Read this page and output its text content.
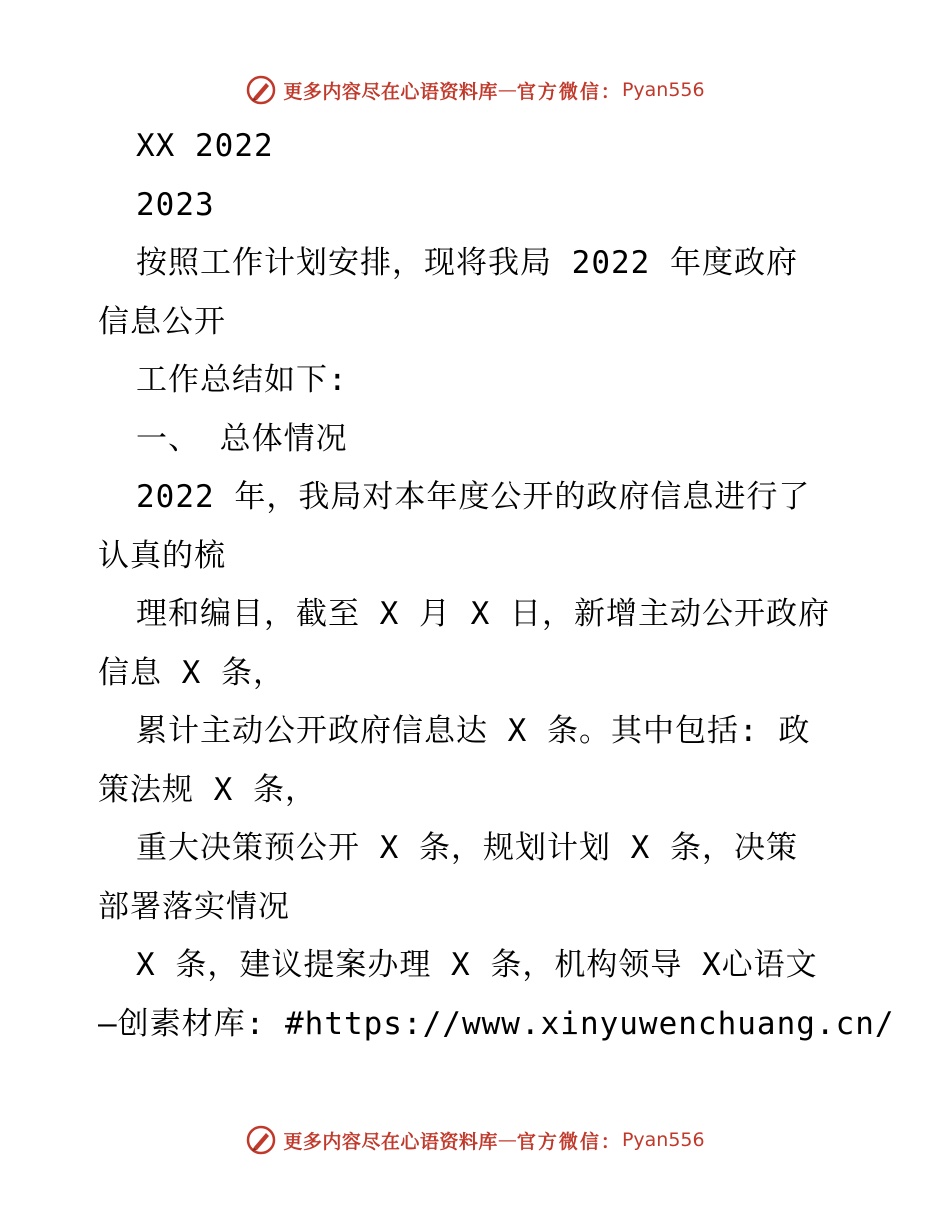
更多内容尽在心语资料库 — 官方微信： Pyan556
XX 2022
2023
按照工作计划安排，现将我局 2022 年度政府
信息公开
工作总结如下:
一、 总体情况
2022 年，我局对本年度公开的政府信息进行了
认真的梳
理和编目，截至 X 月 X 日，新增主动公开政府
信息 X 条，
累计主动公开政府信息达 X 条。其中包括: 政
策法规 X 条，
重大决策预公开 X 条，规划计划 X 条，决策
部署落实情况
X 条，建议提案办理 X 条，机构领导 X心语文
—创素材库: #https://www.xinyuwenchuang.cn/
更多内容尽在心语资料库 — 官方微信： Pyan556
